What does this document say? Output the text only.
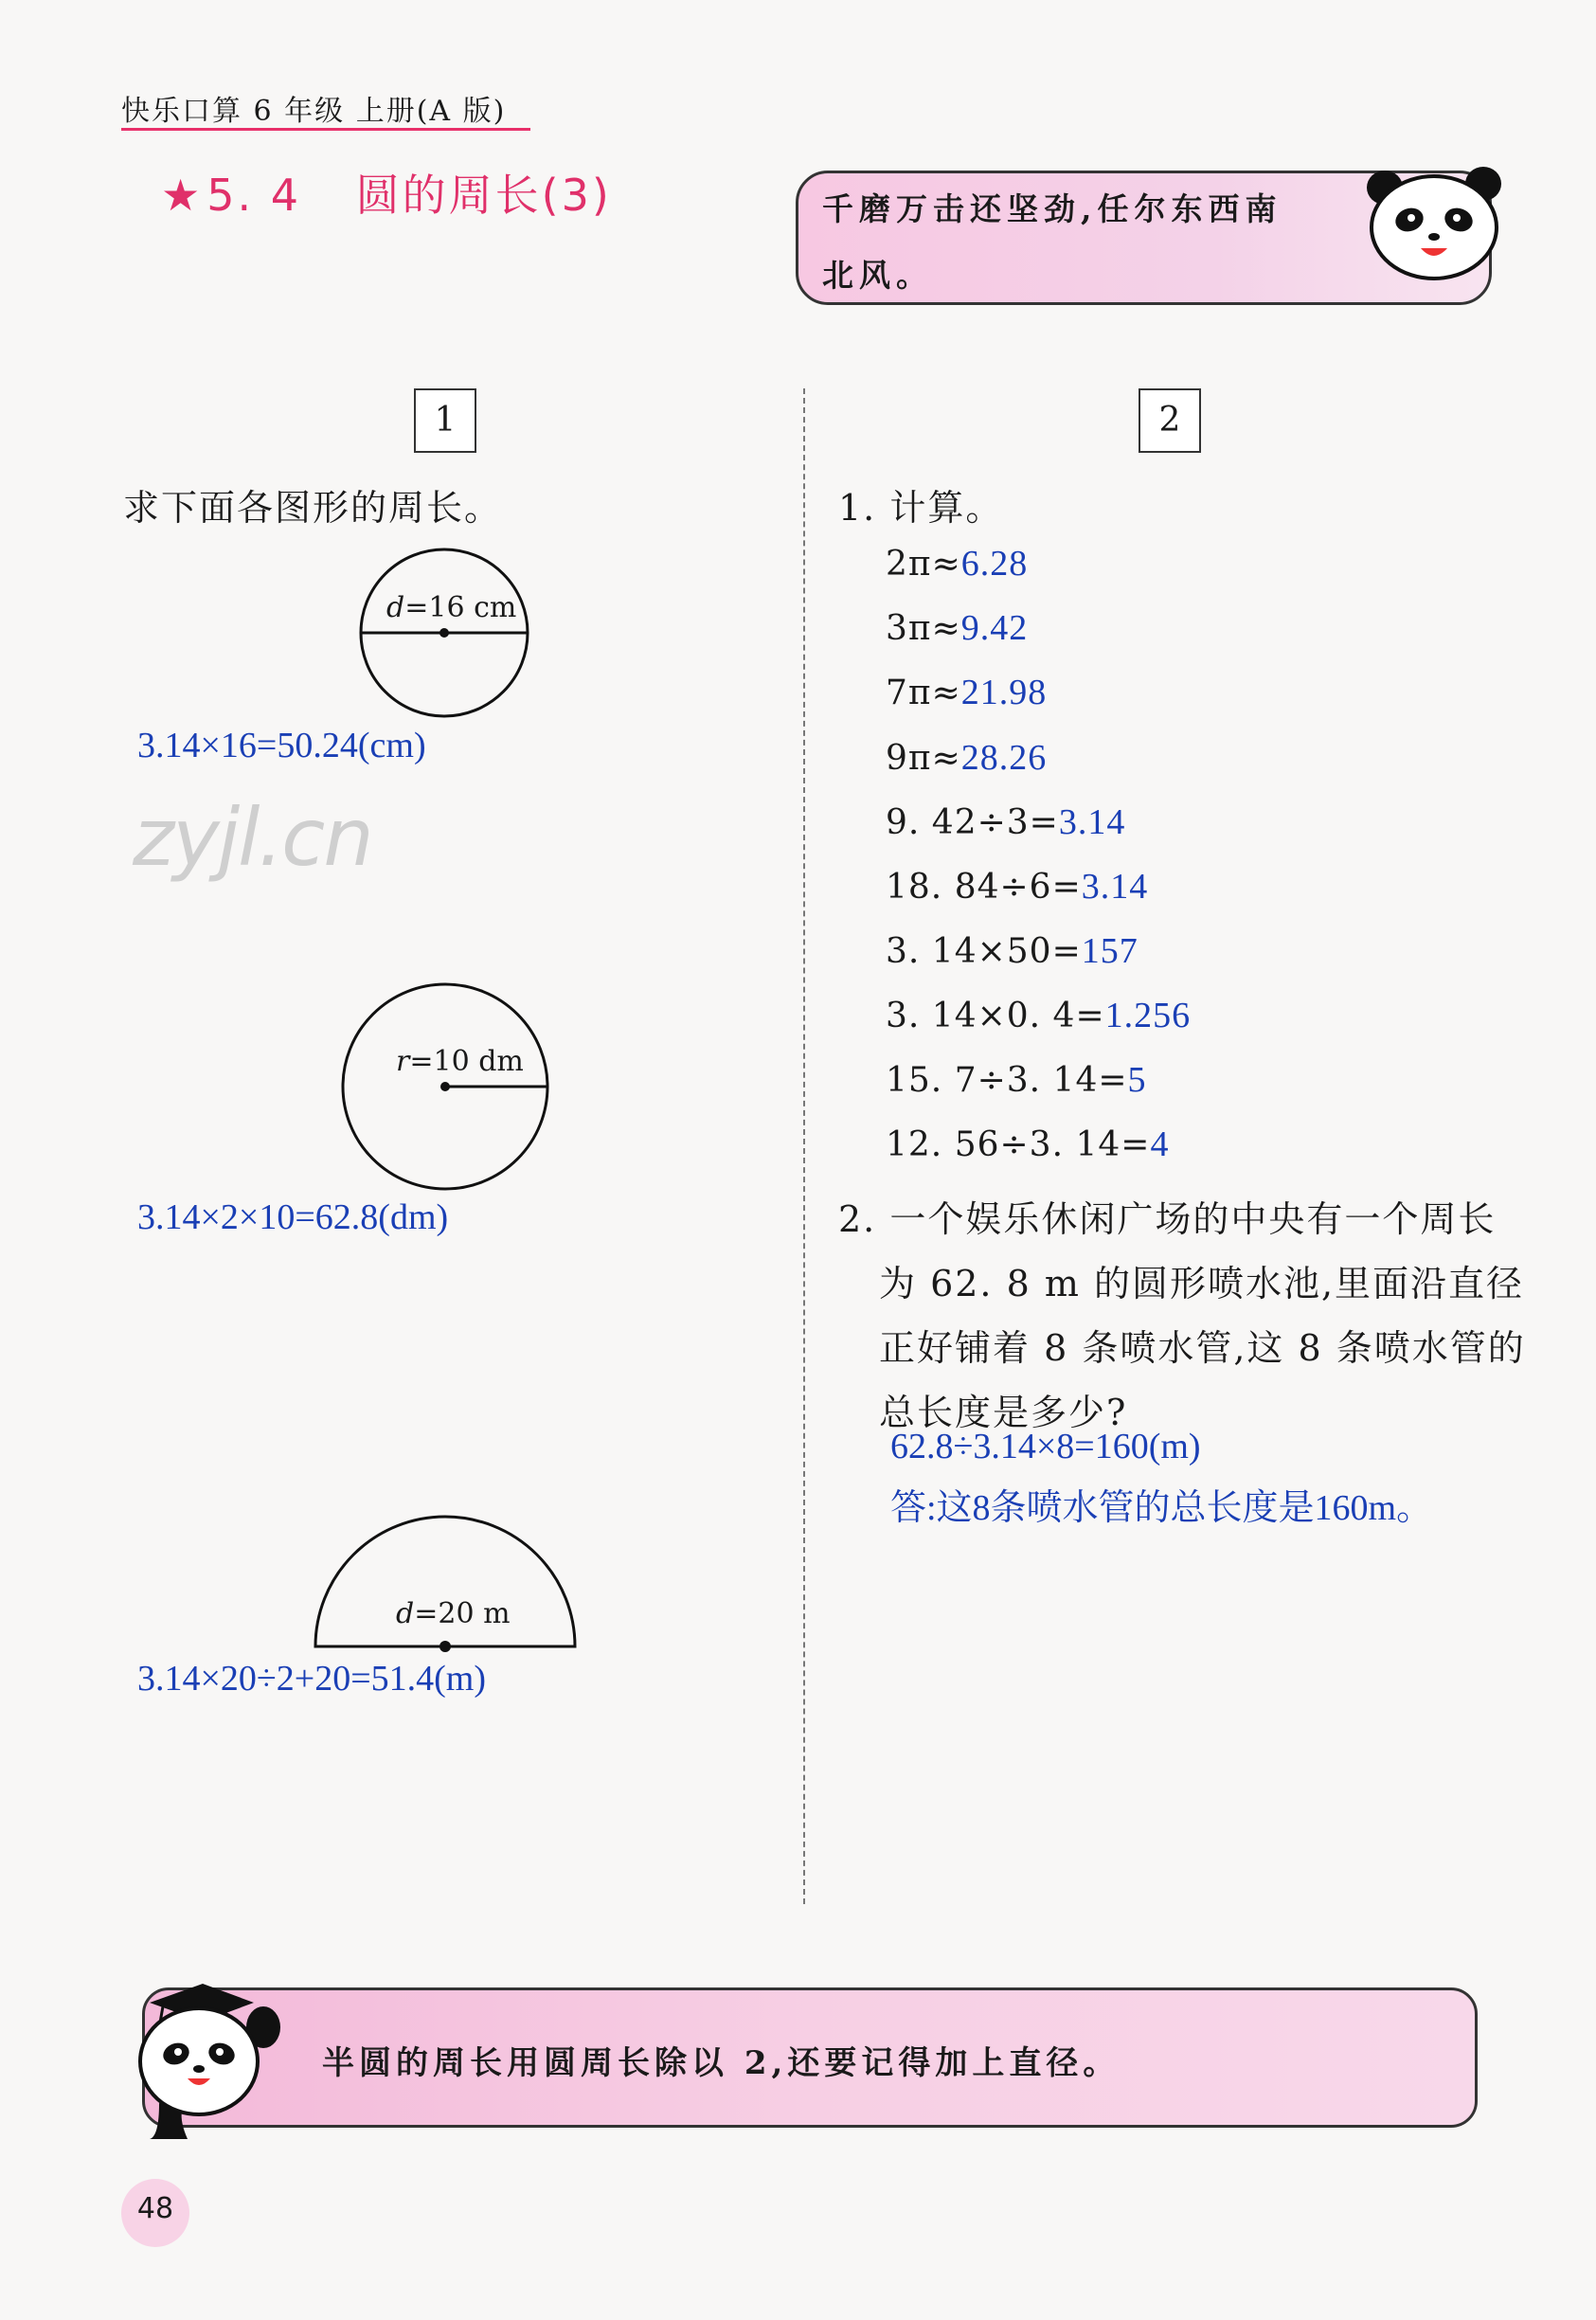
快乐口算 6 年级 上册(A 版)
★5. 4 圆的周长(3)	千磨万击还坚劲,任尔东西南
北风。
zyjl.cn
1
求下面各图形的周长。
d=16 cm
3.14×16=50.24(cm)
r=10 dm
3.14×2×10=62.8(dm)
d=20 m
3.14×20÷2+20=51.4(m)
2
1. 计算。
2π≈6.28
3π≈9.42
7π≈21.98
9π≈28.26
9. 42÷3=3.14
18. 84÷6=3.14
3. 14×50=157
3. 14×0. 4=1.256
15. 7÷3. 14=5
12. 56÷3. 14=4
2. 一个娱乐休闲广场的中央有一个周长
为 62. 8 m 的圆形喷水池,里面沿直径
正好铺着 8 条喷水管,这 8 条喷水管的
总长度是多少?
62.8÷3.14×8=160(m)
答:这8条喷水管的总长度是160m。
半圆的周长用圆周长除以 2,还要记得加上直径。
48
